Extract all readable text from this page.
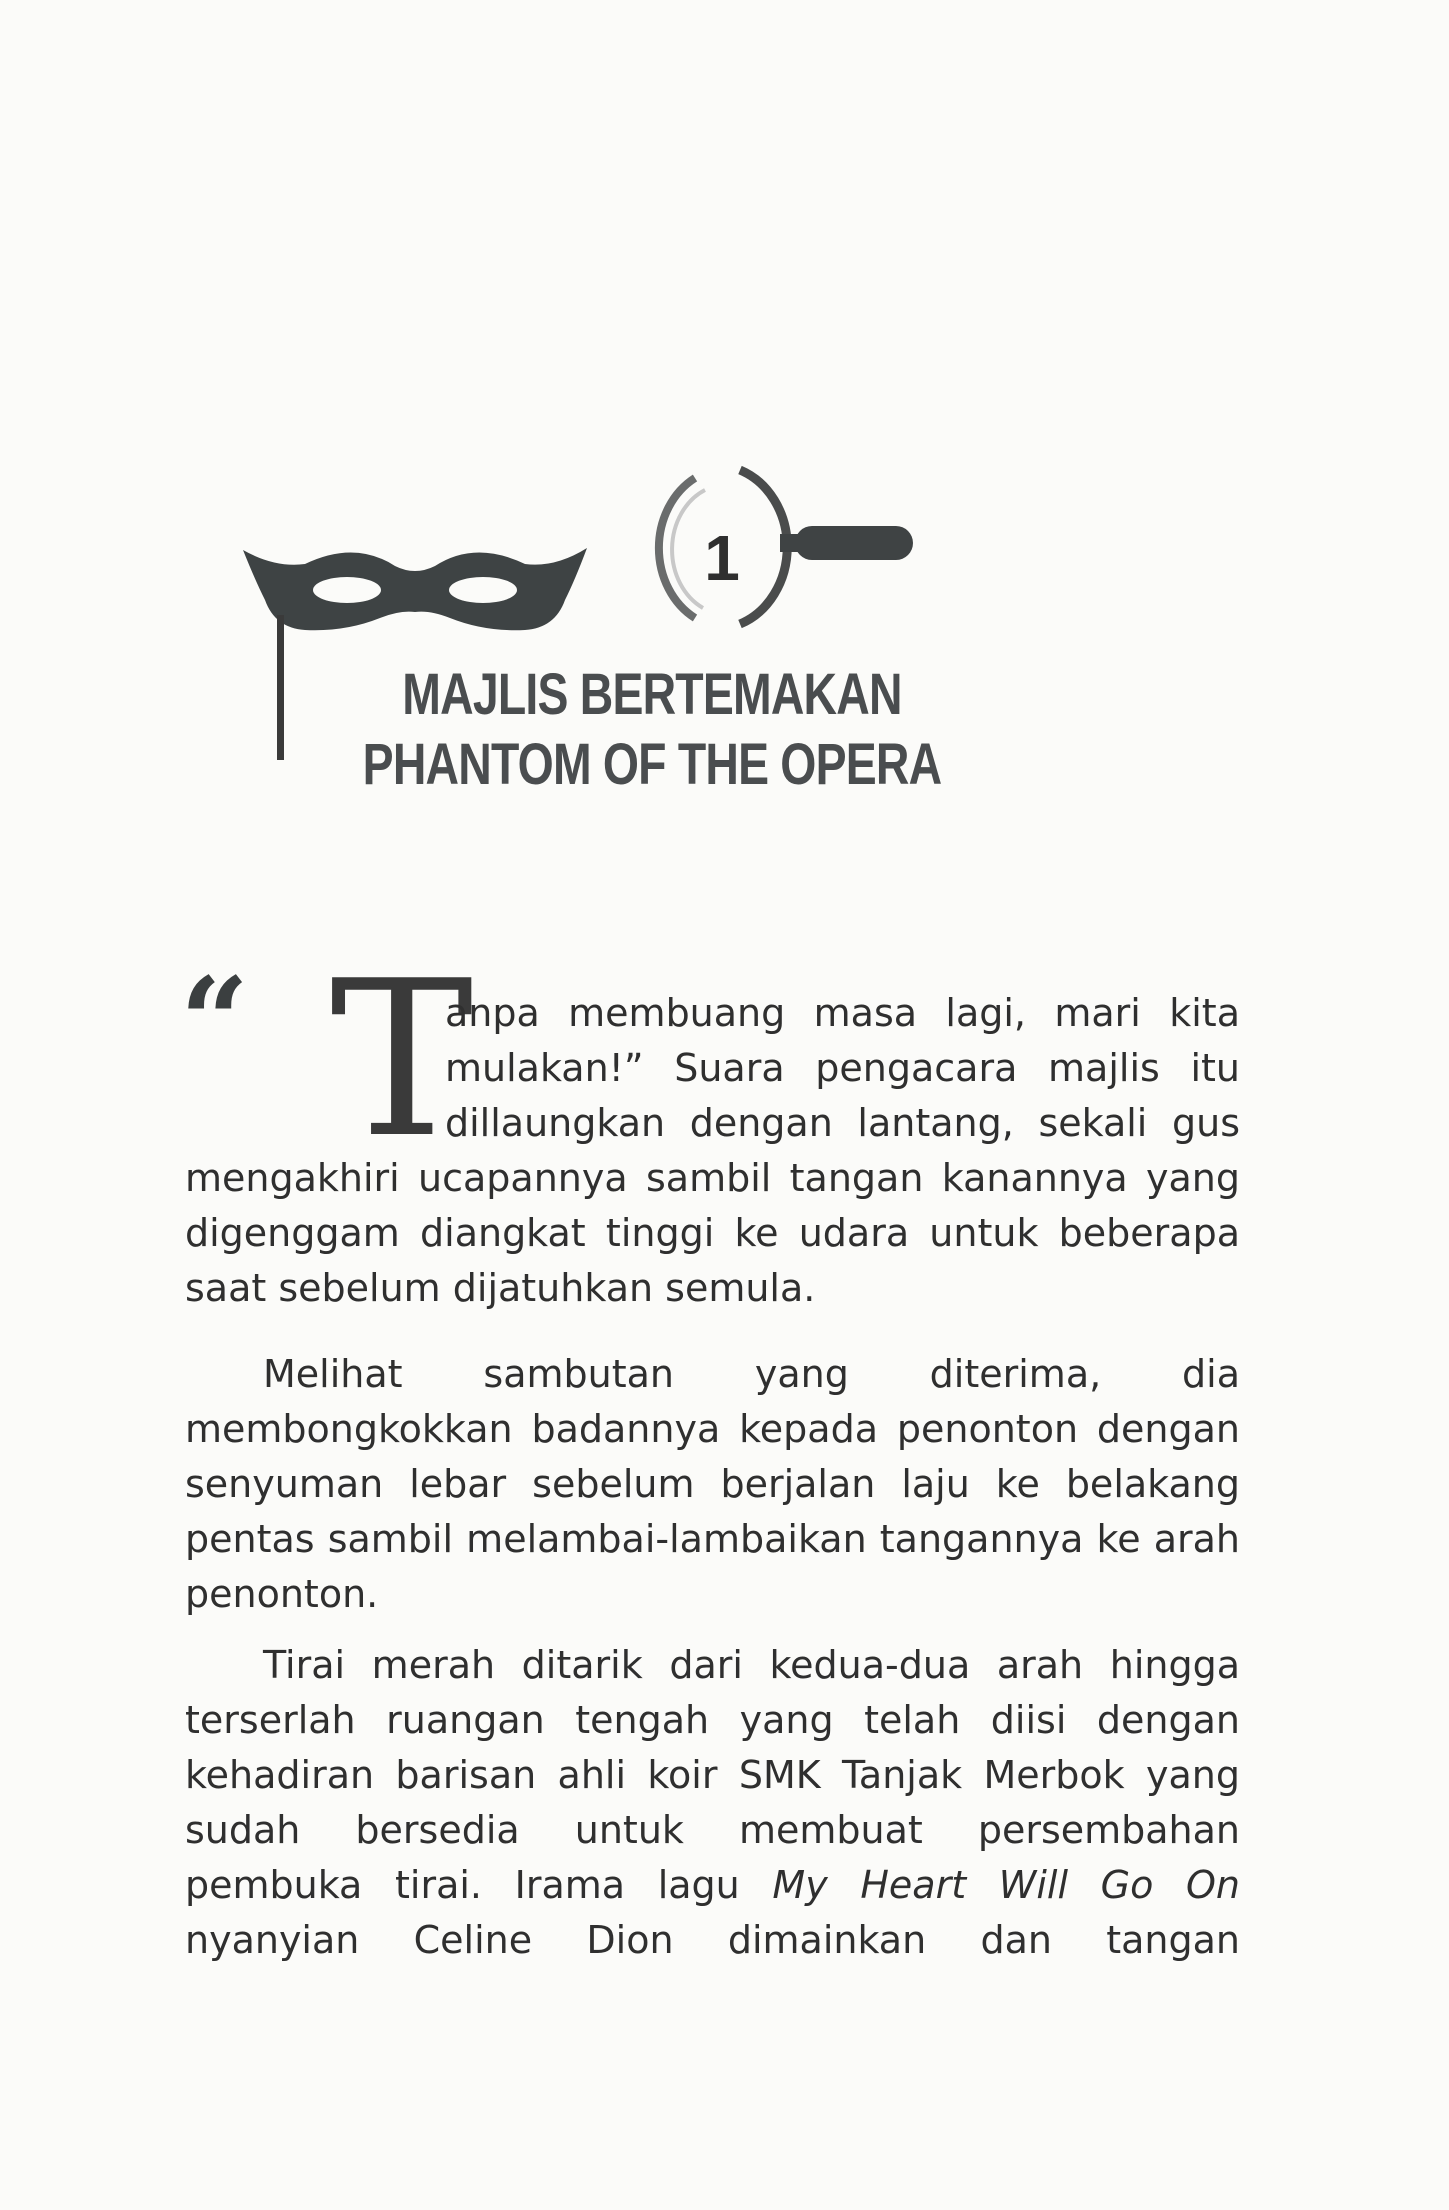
1
MAJLIS BERTEMAKAN PHANTOM OF THE OPERA
“ T
anpa membuang masa lagi, mari kita mulakan!” Suara pengacara majlis itu dillaungkan dengan lantang, sekali gus
mengakhiri ucapannya sambil tangan kanannya yang digenggam diangkat tinggi ke udara untuk beberapa saat sebelum dijatuhkan semula.
Melihat sambutan yang diterima, dia membongkokkan badannya kepada penonton dengan senyuman lebar sebelum berjalan laju ke belakang pentas sambil melambai-lambaikan tangannya ke arah penonton.
Tirai merah ditarik dari kedua-dua arah hingga terserlah ruangan tengah yang telah diisi dengan kehadiran barisan ahli koir SMK Tanjak Merbok yang sudah bersedia untuk membuat persembahan pembuka tirai. Irama lagu My Heart Will Go On nyanyian Celine Dion dimainkan dan tangan
